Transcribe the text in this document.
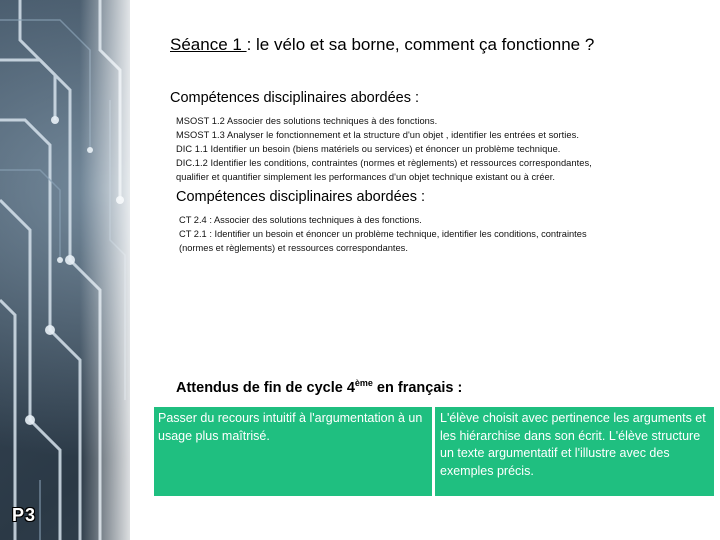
Séance 1 : le vélo et sa borne, comment ça fonctionne ?
Compétences disciplinaires abordées :
MSOST 1.2 Associer des solutions techniques à des fonctions.
MSOST 1.3 Analyser le fonctionnement et la structure d'un objet , identifier les entrées et sorties.
DIC 1.1 Identifier un besoin (biens matériels ou services) et énoncer un problème technique.
DIC.1.2 Identifier les conditions, contraintes (normes et règlements) et ressources correspondantes,
qualifier et quantifier simplement les performances d'un objet technique existant ou à créer.
Compétences disciplinaires abordées :
CT 2.4 : Associer des solutions techniques à des fonctions.
CT 2.1 : Identifier un besoin et énoncer un problème technique, identifier les conditions, contraintes
(normes et règlements) et ressources correspondantes.
Attendus de fin de cycle 4ème en français :
Passer du recours intuitif à l'argumentation à un usage plus maîtrisé.
L'élève choisit avec pertinence les arguments et les hiérarchise dans son écrit. L'élève structure un texte argumentatif et l'illustre avec des exemples précis.
P3
